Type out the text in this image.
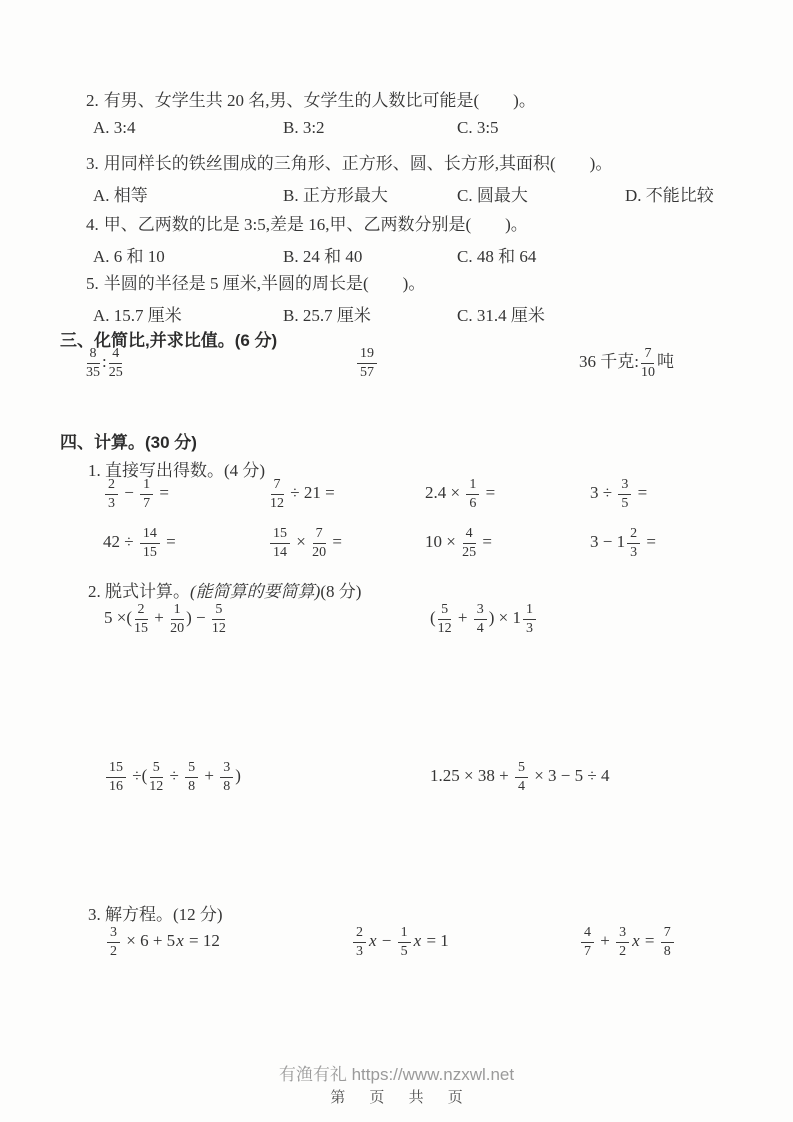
2. 有男、女学生共 20 名,男、女学生的人数比可能是(　　)。
A. 3:4	B. 3:2	C. 3:5
3. 用同样长的铁丝围成的三角形、正方形、圆、长方形,其面积(　　)。
A. 相等	B. 正方形最大	C. 圆最大	D. 不能比较
4. 甲、乙两数的比是 3:5,差是 16,甲、乙两数分别是(　　)。
A. 6 和 10	B. 24 和 40	C. 48 和 64
5. 半圆的半径是 5 厘米,半圆的周长是(　　)。
A. 15.7 厘米	B. 25.7 厘米	C. 31.4 厘米
三、化简比,并求比值。(6 分)
$\frac{8}{35}$ : $\frac{4}{25}$	$\frac{19}{57}$	36 千克: $\frac{7}{10}$ 吨
四、计算。(30 分)
1. 直接写出得数。(4 分)
$\frac{2}{3} - \frac{1}{7}$ =	$\frac{7}{12} \div 21$ =	$2.4 \times \frac{1}{6}$ =	$3 \div \frac{3}{5}$ =
$42 \div \frac{14}{15}$ =	$\frac{15}{14} \times \frac{7}{20}$ =	$10 \times \frac{4}{25}$ =	$3 - 1 \frac{2}{3}$ =
2. 脱式计算。(能简算的要简算)(8 分)
5 ×( $\frac{2}{15} + \frac{1}{20}$ ) − $\frac{5}{12}$	( $\frac{5}{12} + \frac{3}{4}$ ) × $1 \frac{1}{3}$
$\frac{15}{16}$ ÷( $\frac{5}{12} \div \frac{5}{8} + \frac{3}{8}$ )	$1.25 \times 38 + \frac{5}{4} \times 3 - 5 \div 4$
3. 解方程。(12 分)
$\frac{3}{2} \times 6 + 5x = 12$	$\frac{2}{3}$ $x - \frac{1}{5}$ x = 1	$\frac{4}{7} + \frac{3}{2}$ $x = \frac{7}{8}$
有渔有礼 https://www.nzxwl.net
第 页 共 页
